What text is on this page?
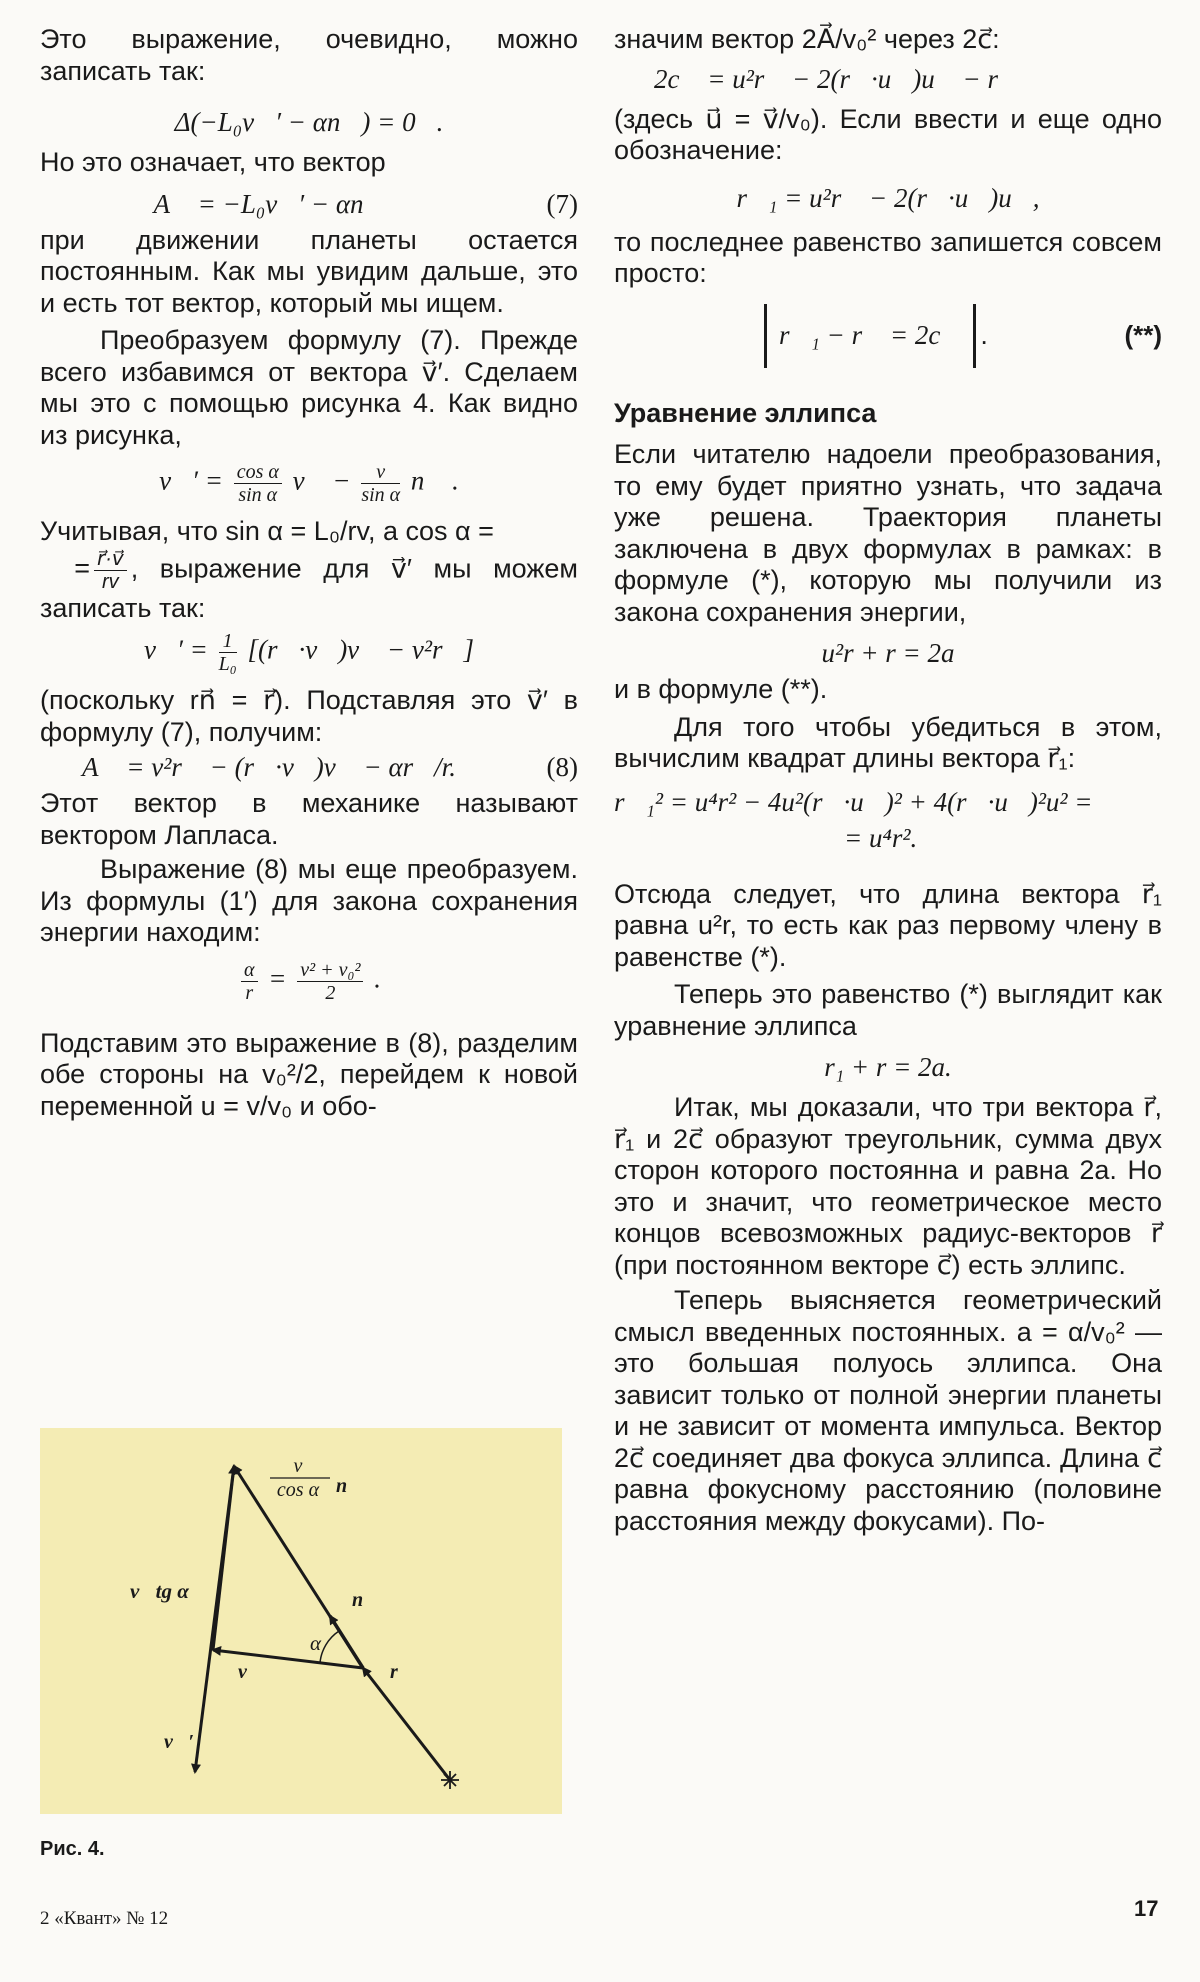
Это выражение, очевидно, можно записать так:

Δ(−L₀v⃗′ − αn⃗) = 0⃗.

Но это означает, что вектор

A⃗ = −L₀v⃗′ − αn⃗	(7)

при движении планеты остается постоянным. Как мы увидим дальше, это и есть тот вектор, который мы ищем.

Преобразуем формулу (7). Прежде всего избавимся от вектора v⃗′. Сделаем мы это с помощью рисунка 4. Как видно из рисунка,

v⃗′ = $\frac{\text{cos α}}{\text{sin α}}$ v⃗ − $\frac{v}{\text{sin α}}$ n⃗ .

Учитывая, что sin α = L₀/rv, а cos α =
= $\frac{r⃗\cdot v⃗}{rv}$ , выражение для v⃗′ мы можем записать так:

v⃗′ = $\frac{1}{\text{L₀}}$ [(r⃗·v⃗)v⃗ − v²r⃗]

(поскольку rn⃗ = r⃗). Подставляя это v⃗′ в формулу (7), получим:

A⃗ = v²r⃗ − (r⃗·v⃗)v⃗ − αr⃗/r.	(8)

Этот вектор в механике называют вектором Лапласа.

Выражение (8) мы еще преобразуем. Из формулы (1′) для закона сохранения энергии находим:

$\frac{\alpha}{r} = \frac{\text{v² + v₀²}}{2}$ .

Подставим это выражение в (8), разделим обе стороны на v₀²/2, перейдем к новой переменной u = v/v₀ и обо-

v
cos α n⃗
v⃗tg α
α
n⃗
v⃗	r⃗
v⃗′
Рис. 4.

значим вектор 2A⃗/v₀² через 2c⃗:

2c⃗ = u²r⃗ − 2(r⃗·u⃗)u⃗ − r⃗

(здесь u⃗ = v⃗/v₀). Если ввести и еще одно обозначение:

r⃗₁ = u²r⃗ − 2(r⃗·u⃗)u⃗,

то последнее равенство запишется совсем просто:

r⃗₁ − r⃗ = 2c⃗ .	(**)

Уравнение эллипса

Если читателю надоели преобразования, то ему будет приятно узнать, что задача уже решена. Траектория планеты заключена в двух формулах в рамках: в формуле (*), которую мы получили из закона сохранения энергии,

u²r + r = 2a

и в формуле (**).

Для того чтобы убедиться в этом, вычислим квадрат длины вектора r⃗₁:

r⃗₁² = u⁴r² − 4u²(r⃗·u⃗)² + 4(r⃗·u⃗)²u² =
= u⁴r².

Отсюда следует, что длина вектора r⃗₁ равна u²r, то есть как раз первому члену в равенстве (*).

Теперь это равенство (*) выглядит как уравнение эллипса

r₁ + r = 2a.

Итак, мы доказали, что три вектора r⃗, r⃗₁ и 2c⃗ образуют треугольник, сумма двух сторон которого постоянна и равна 2a. Но это и значит, что геометрическое место концов всевозможных радиус-векторов r⃗ (при постоянном векторе c⃗) есть эллипс.

Теперь выясняется геометрический смысл введенных постоянных. a = α/v₀² — это большая полуось эллипса. Она зависит только от полной энергии планеты и не зависит от момента импульса. Вектор 2c⃗ соединяет два фокуса эллипса. Длина c⃗ равна фокусному расстоянию (половине расстояния между фокусами). По-

2 «Квант» № 12	17
